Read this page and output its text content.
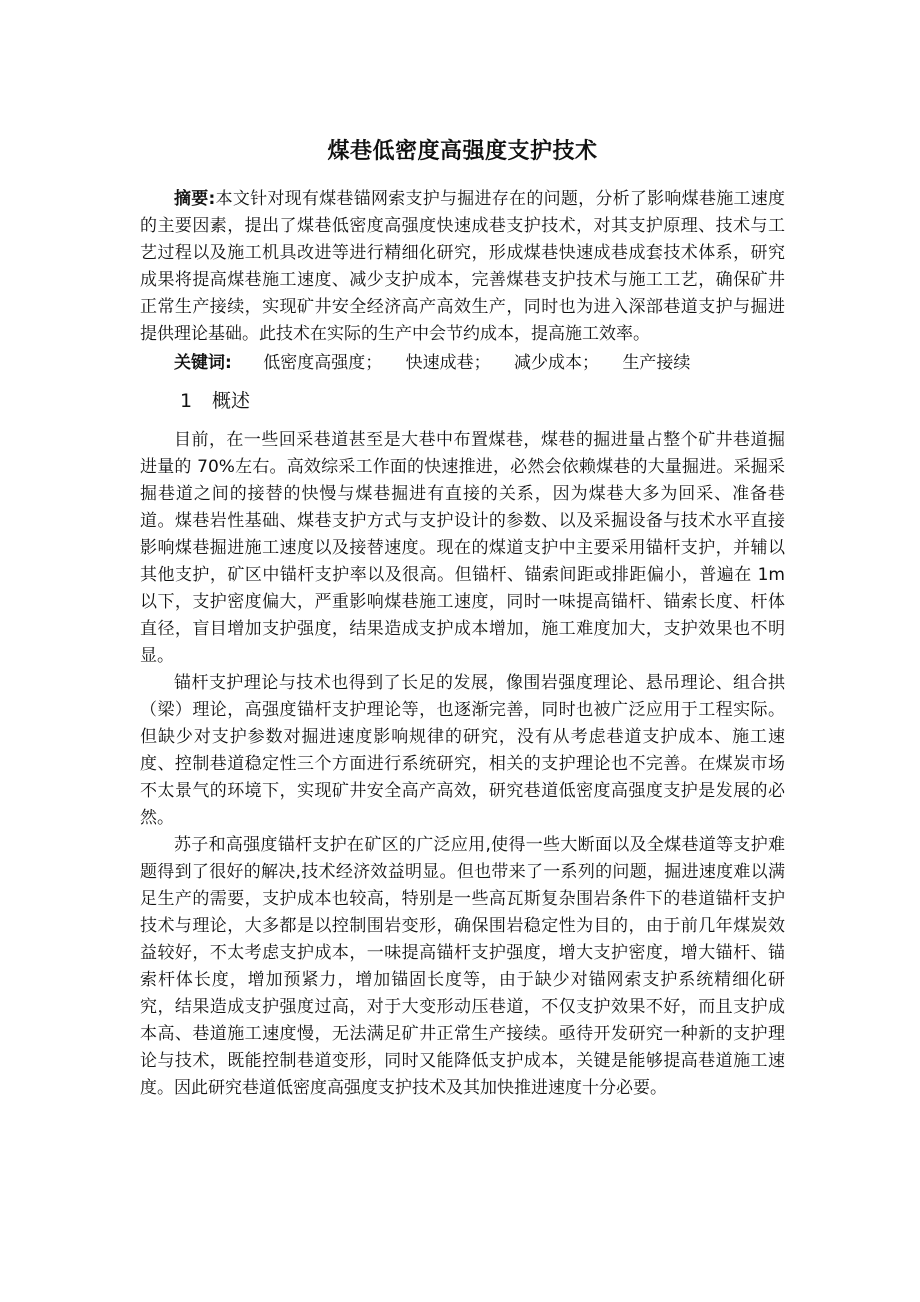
煤巷低密度高强度支护技术

摘要:本文针对现有煤巷锚网索支护与掘进存在的问题，分析了影响煤巷施工速度的主要因素，提出了煤巷低密度高强度快速成巷支护技术，对其支护原理、技术与工艺过程以及施工机具改进等进行精细化研究，形成煤巷快速成巷成套技术体系，研究成果将提高煤巷施工速度、减少支护成本，完善煤巷支护技术与施工工艺，确保矿井正常生产接续，实现矿井安全经济高产高效生产，同时也为进入深部巷道支护与掘进提供理论基础。此技术在实际的生产中会节约成本，提高施工效率。

关键词: 低密度高强度； 快速成巷； 减少成本； 生产接续
1 概述

目前，在一些回采巷道甚至是大巷中布置煤巷，煤巷的掘进量占整个矿井巷道掘进量的 70%左右。高效综采工作面的快速推进，必然会依赖煤巷的大量掘进。采掘采掘巷道之间的接替的快慢与煤巷掘进有直接的关系，因为煤巷大多为回采、准备巷道。煤巷岩性基础、煤巷支护方式与支护设计的参数、以及采掘设备与技术水平直接影响煤巷掘进施工速度以及接替速度。现在的煤道支护中主要采用锚杆支护，并辅以其他支护，矿区中锚杆支护率以及很高。但锚杆、锚索间距或排距偏小，普遍在 1m 以下，支护密度偏大，严重影响煤巷施工速度，同时一味提高锚杆、锚索长度、杆体直径，盲目增加支护强度，结果造成支护成本增加，施工难度加大，支护效果也不明显。

锚杆支护理论与技术也得到了长足的发展，像围岩强度理论、悬吊理论、组合拱（梁）理论，高强度锚杆支护理论等，也逐渐完善，同时也被广泛应用于工程实际。但缺少对支护参数对掘进速度影响规律的研究，没有从考虑巷道支护成本、施工速度、控制巷道稳定性三个方面进行系统研究，相关的支护理论也不完善。在煤炭市场不太景气的环境下，实现矿井安全高产高效，研究巷道低密度高强度支护是发展的必然。

苏子和高强度锚杆支护在矿区的广泛应用,使得一些大断面以及全煤巷道等支护难题得到了很好的解决,技术经济效益明显。但也带来了一系列的问题，掘进速度难以满足生产的需要，支护成本也较高，特别是一些高瓦斯复杂围岩条件下的巷道锚杆支护技术与理论，大多都是以控制围岩变形，确保围岩稳定性为目的，由于前几年煤炭效益较好，不太考虑支护成本，一味提高锚杆支护强度，增大支护密度，增大锚杆、锚索杆体长度，增加预紧力，增加锚固长度等，由于缺少对锚网索支护系统精细化研究，结果造成支护强度过高，对于大变形动压巷道，不仅支护效果不好，而且支护成本高、巷道施工速度慢，无法满足矿井正常生产接续。亟待开发研究一种新的支护理论与技术，既能控制巷道变形，同时又能降低支护成本，关键是能够提高巷道施工速度。因此研究巷道低密度高强度支护技术及其加快推进速度十分必要。
